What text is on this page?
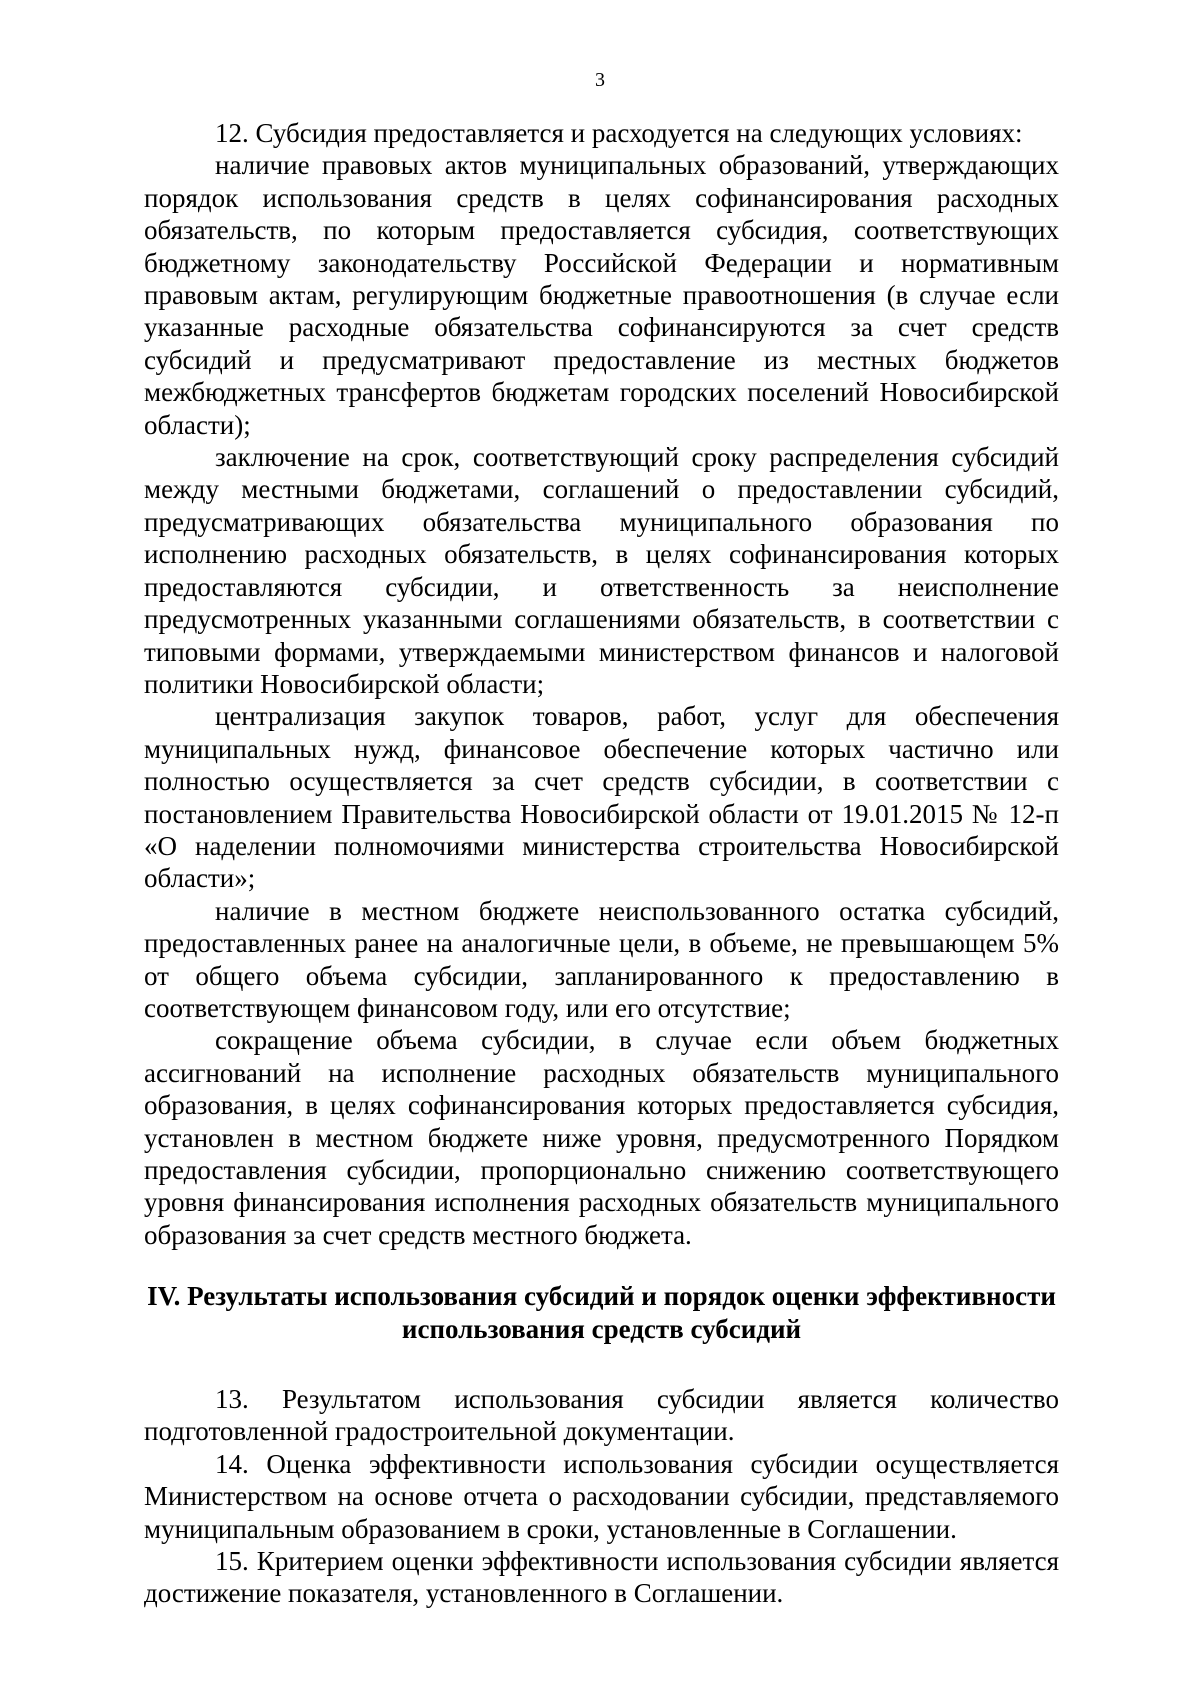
3

12. Субсидия предоставляется и расходуется на следующих условиях:

наличие правовых актов муниципальных образований, утверждающих порядок использования средств в целях софинансирования расходных обязательств, по которым предоставляется субсидия, соответствующих бюджетному законодательству Российской Федерации и нормативным правовым актам, регулирующим бюджетные правоотношения (в случае если указанные расходные обязательства софинансируются за счет средств субсидий и предусматривают предоставление из местных бюджетов межбюджетных трансфертов бюджетам городских поселений Новосибирской области);

заключение на срок, соответствующий сроку распределения субсидий между местными бюджетами, соглашений о предоставлении субсидий, предусматривающих обязательства муниципального образования по исполнению расходных обязательств, в целях софинансирования которых предоставляются субсидии, и ответственность за неисполнение предусмотренных указанными соглашениями обязательств, в соответствии с типовыми формами, утверждаемыми министерством финансов и налоговой политики Новосибирской области;

централизация закупок товаров, работ, услуг для обеспечения муниципальных нужд, финансовое обеспечение которых частично или полностью осуществляется за счет средств субсидии, в соответствии с постановлением Правительства Новосибирской области от 19.01.2015 № 12-п «О наделении полномочиями министерства строительства Новосибирской области»;

наличие в местном бюджете неиспользованного остатка субсидий, предоставленных ранее на аналогичные цели, в объеме, не превышающем 5% от общего объема субсидии, запланированного к предоставлению в соответствующем финансовом году, или его отсутствие;

сокращение объема субсидии, в случае если объем бюджетных ассигнований на исполнение расходных обязательств муниципального образования, в целях софинансирования которых предоставляется субсидия, установлен в местном бюджете ниже уровня, предусмотренного Порядком предоставления субсидии, пропорционально снижению соответствующего уровня финансирования исполнения расходных обязательств муниципального образования за счет средств местного бюджета.

IV. Результаты использования субсидий и порядок оценки эффективности
использования средств субсидий

13. Результатом использования субсидии является количество подготовленной градостроительной документации.

14. Оценка эффективности использования субсидии осуществляется Министерством на основе отчета о расходовании субсидии, представляемого муниципальным образованием в сроки, установленные в Соглашении.

15. Критерием оценки эффективности использования субсидии является достижение показателя, установленного в Соглашении.
